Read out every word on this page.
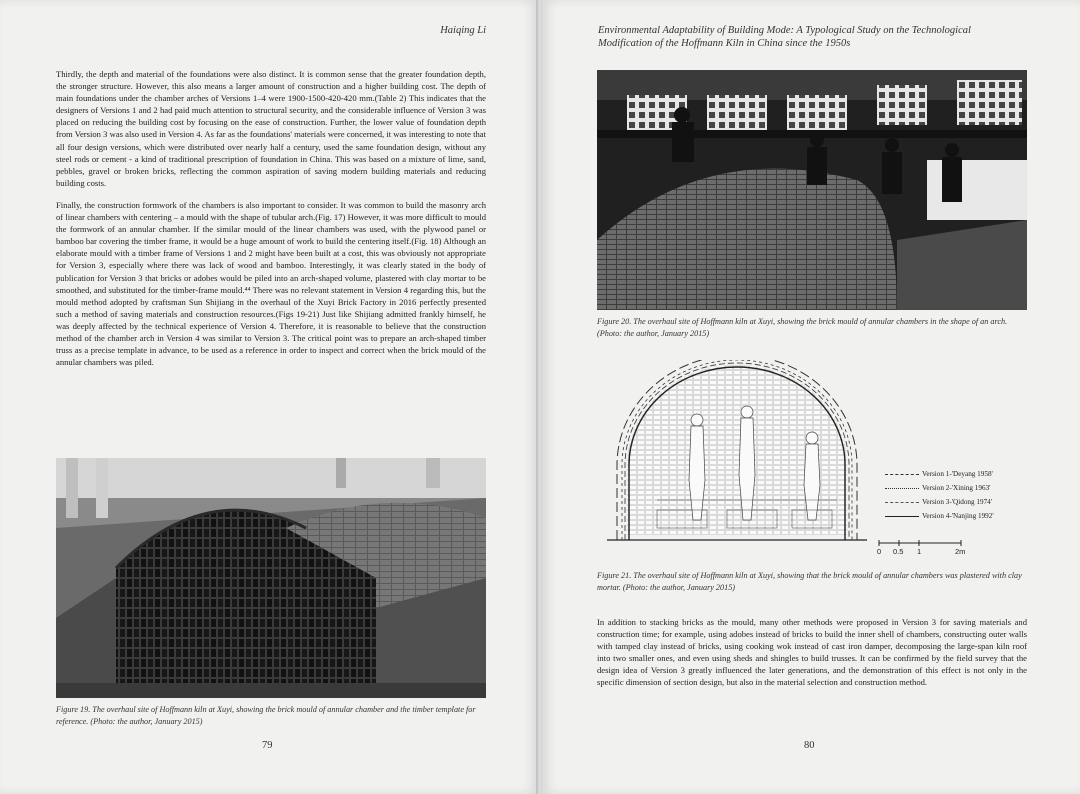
Haiqing Li

Thirdly, the depth and material of the foundations were also distinct. It is common sense that the greater foundation depth, the stronger structure. However, this also means a larger amount of construction and a higher building cost. The depth of main foundations under the chamber arches of Versions 1–4 were 1900-1500-420-420 mm.(Table 2) This indicates that the designers of Versions 1 and 2 had paid much attention to structural security, and the considerable influence of Version 3 was placed on reducing the building cost by focusing on the ease of construction. Further, the lower value of foundation depth from Version 3 was also used in Version 4. As far as the foundations' materials were concerned, it was interesting to note that all four design versions, which were distributed over nearly half a century, used the same foundation design, without any steel rods or cement - a kind of traditional prescription of foundation in China. This was based on a mixture of lime, sand, pebbles, gravel or broken bricks, reflecting the common aspiration of saving modern building materials and reducing building costs.

Finally, the construction formwork of the chambers is also important to consider. It was common to build the masonry arch of linear chambers with centering – a mould with the shape of tubular arch.(Fig. 17) However, it was more difficult to mould the formwork of an annular chamber. If the similar mould of the linear chambers was used, with the plywood panel or bamboo bar covering the timber frame, it would be a huge amount of work to build the centering itself.(Fig. 18) Although an elaborate mould with a timber frame of Versions 1 and 2 might have been built at a cost, this was obviously not appropriate for Version 3, especially where there was lack of wood and bamboo. Interestingly, it was clearly stated in the body of publication for Version 3 that bricks or adobes would be piled into an arch-shaped volume, plastered with clay mortar to be smoothed, and substituted for the timber-frame mould.⁴⁴ There was no relevant statement in Version 4 regarding this, but the mould method adopted by craftsman Sun Shijiang in the overhaul of the Xuyi Brick Factory in 2016 perfectly presented such a method of saving materials and construction resources.(Figs 19-21) Just like Shijiang admitted frankly himself, he was deeply affected by the technical experience of Version 4. Therefore, it is reasonable to believe that the construction method of the chamber arch in Version 4 was similar to Version 3. The critical point was to prepare an arch-shaped timber truss as a precise template in advance, to be used as a reference in order to inspect and correct when the brick mould of the annular chambers was piled.

Figure 19. The overhaul site of Hoffmann kiln at Xuyi, showing the brick mould of annular chamber and the timber template for reference. (Photo: the author, January 2015)
79
Environmental Adaptability of Building Mode: A Typological Study on the Technological Modification of the Hoffmann Kiln in China since the 1950s
Figure 20. The overhaul site of Hoffmann kiln at Xuyi, showing the brick mould of annular chambers in the shape of an arch. (Photo: the author, January 2015)
Version 1-'Deyang 1958'
Version 2-'Xining 1963'
Version 3-'Qidong 1974'
Version 4-'Nanjing 1992'
0 0.5 1	2m
Figure 21. The overhaul site of Hoffmann kiln at Xuyi, showing that the brick mould of annular chambers was plastered with clay mortar. (Photo: the author, January 2015)

In addition to stacking bricks as the mould, many other methods were proposed in Version 3 for saving materials and construction time; for example, using adobes instead of bricks to build the inner shell of chambers, constructing outer walls with tamped clay instead of bricks, using cooking wok instead of cast iron damper, decomposing the large-span kiln roof into two smaller ones, and even using sheds and shingles to build trusses. It can be confirmed by the field survey that the design idea of Version 3 greatly influenced the later generations, and the demonstration of this effect is not only in the specific dimension of section design, but also in the material selection and construction method.

80
